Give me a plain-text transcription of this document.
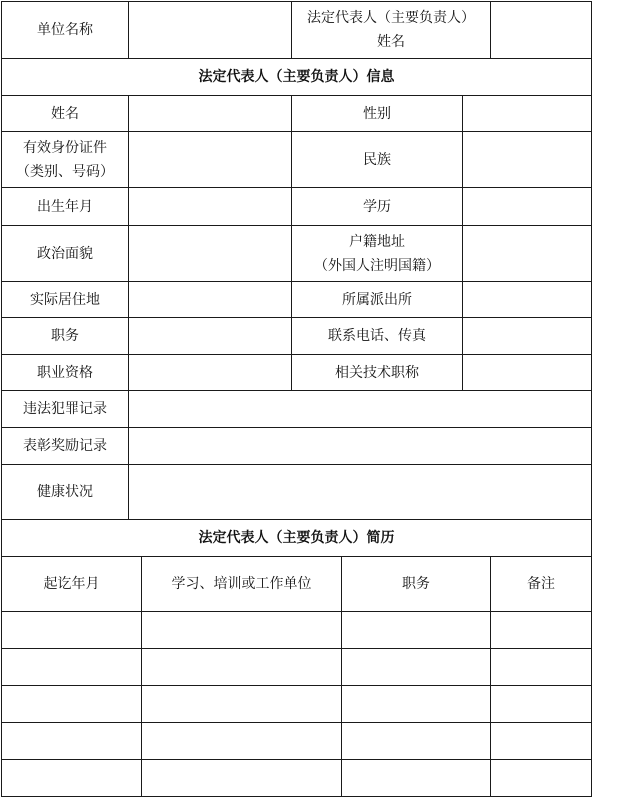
单位名称			法定代表人（主要负责人）
姓名			

法定代表人（主要负责人）信息						
姓名			性别			

有效身份证件
（类别、号码）			民族			
出生年月			学历			
政治面貌			户籍地址
（外国人注明国籍）			

实际居住地			所属派出所			
职务			联系电话、传真			
职业资格			相关技术职称			
违法犯罪记录						
表彰奖励记录						
健康状况						
法定代表人（主要负责人）简历						
起讫年月		学习、培训或工作单位		职务		备注
